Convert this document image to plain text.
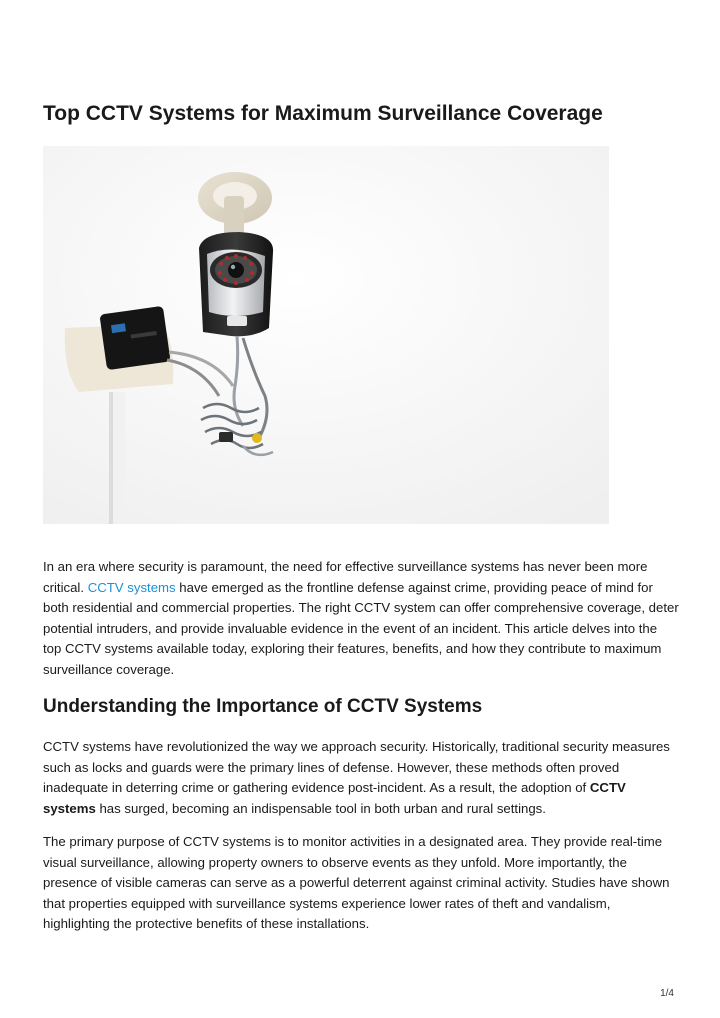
Top CCTV Systems for Maximum Surveillance Coverage

In an era where security is paramount, the need for effective surveillance systems has never been more critical. CCTV systems have emerged as the frontline defense against crime, providing peace of mind for both residential and commercial properties. The right CCTV system can offer comprehensive coverage, deter potential intruders, and provide invaluable evidence in the event of an incident. This article delves into the top CCTV systems available today, exploring their features, benefits, and how they contribute to maximum surveillance coverage.

Understanding the Importance of CCTV Systems

CCTV systems have revolutionized the way we approach security. Historically, traditional security measures such as locks and guards were the primary lines of defense. However, these methods often proved inadequate in deterring crime or gathering evidence post-incident. As a result, the adoption of CCTV systems has surged, becoming an indispensable tool in both urban and rural settings.

The primary purpose of CCTV systems is to monitor activities in a designated area. They provide real-time visual surveillance, allowing property owners to observe events as they unfold. More importantly, the presence of visible cameras can serve as a powerful deterrent against criminal activity. Studies have shown that properties equipped with surveillance systems experience lower rates of theft and vandalism, highlighting the protective benefits of these installations.

1/4
